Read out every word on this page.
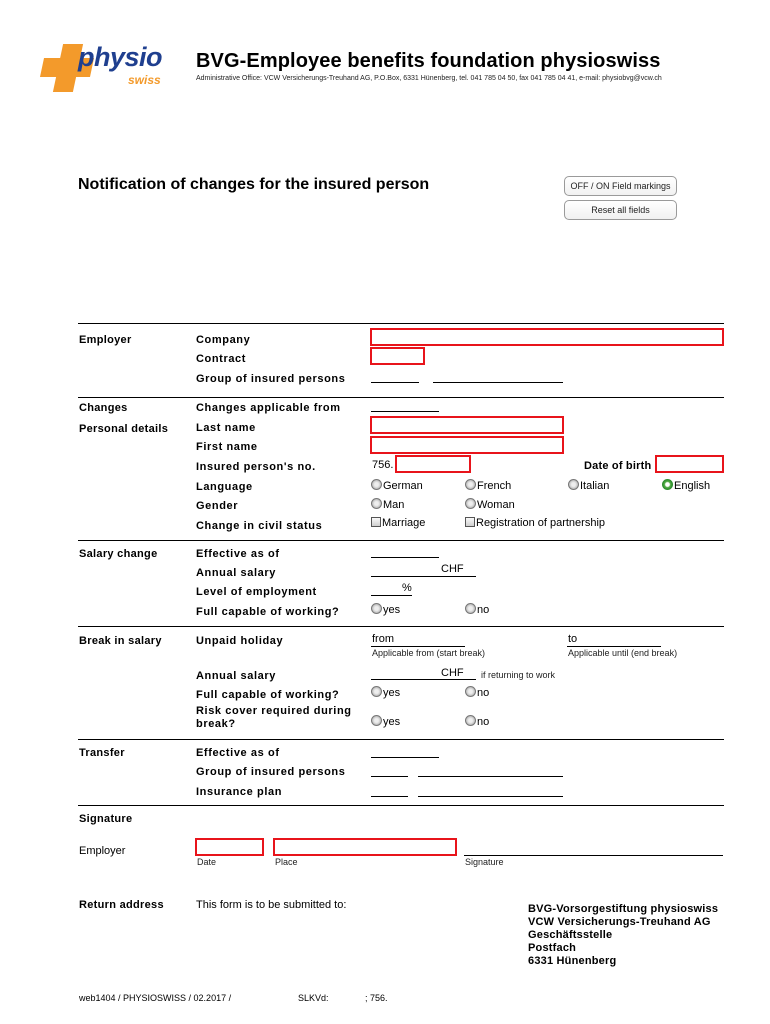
physio
swiss
BVG-Employee benefits foundation physioswiss
Administrative Office: VCW Versicherungs-Treuhand AG, P.O.Box, 6331 Hünenberg, tel. 041 785 04 50, fax 041 785 04 41, e-mail: physiobvg@vcw.ch
Notification of changes for the insured person	OFF / ON Field markings
Reset all fields
Employer	Company
Contract
Group of insured persons
Changes	Changes applicable from
Personal details	Last name
First name
Insured person's no.	756.	Date of birth
Language	German	French	Italian	English
Gender	Man	Woman
Change in civil status	Marriage	Registration of partnership
Salary change	Effective as of
Annual salary	CHF
Level of employment	%
Full capable of working?	yes	no
Break in salary	Unpaid holiday	from
Applicable from (start break)
to
Applicable until (end break)
Annual salary	CHF if returning to work
Full capable of working?	yes	no
Risk cover required during break?	yes	no
Transfer	Effective as of
Group of insured persons
Insurance plan
Signature
Employer
Date	Place	Signature
Return address	This form is to be submitted to:	BVG-Vorsorgestiftung physioswiss
VCW Versicherungs-Treuhand AG
Geschäftsstelle
Postfach
6331 Hünenberg
web1404 / PHYSIOSWISS / 02.2017 /	SLKVd:	; 756.
